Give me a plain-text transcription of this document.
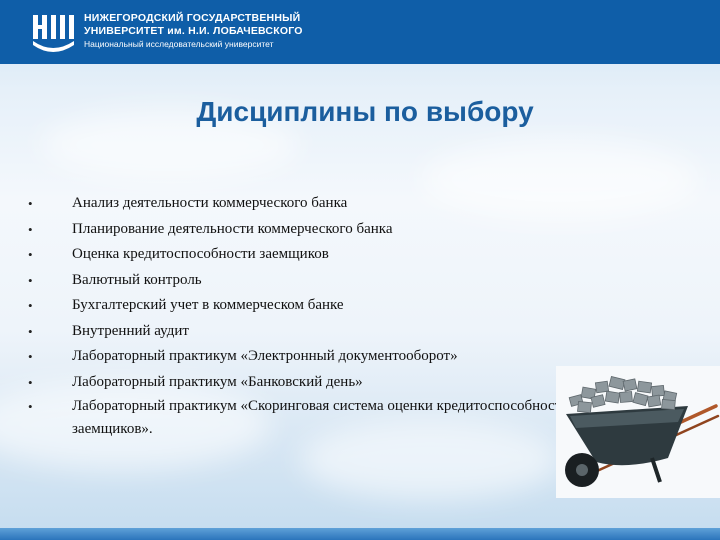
НИЖЕГОРОДСКИЙ ГОСУДАРСТВЕННЫЙ
УНИВЕРСИТЕТ им. Н.И. ЛОБАЧЕВСКОГО
Национальный исследовательский университет
Дисциплины по выбору
•	Анализ деятельности коммерческого банка
•	Планирование деятельности коммерческого банка
•	Оценка кредитоспособности заемщиков
•	Валютный контроль
•	Бухгалтерский учет в коммерческом банке
•	Внутренний аудит
•	Лабораторный практикум «Электронный документооборот»
•	Лабораторный практикум «Банковский день»
•	Лабораторный практикум «Скоринговая система оценки кредитоспособности заемщиков».
